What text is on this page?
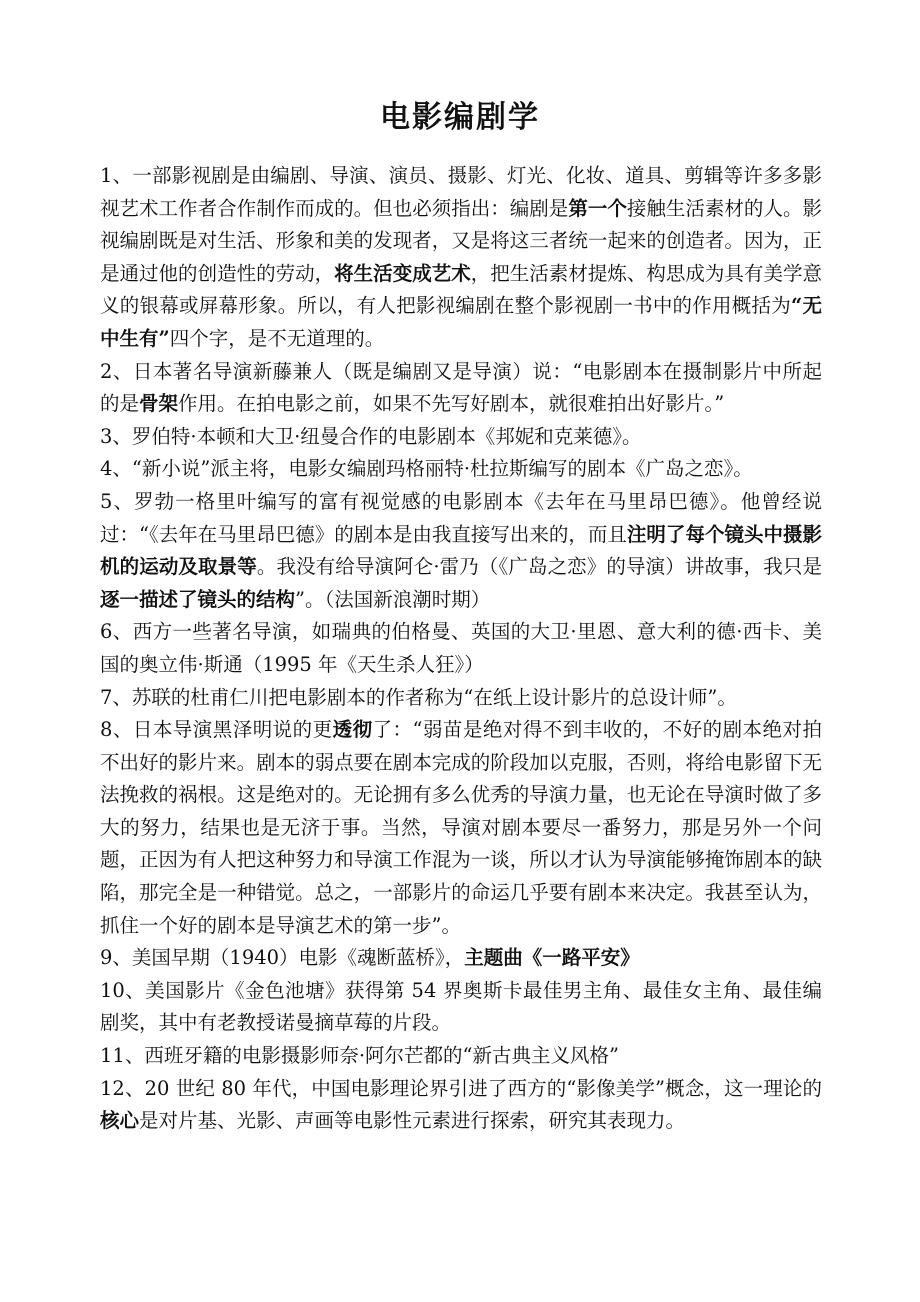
电影编剧学

1、一部影视剧是由编剧、导演、演员、摄影、灯光、化妆、道具、剪辑等许多多影视艺术工作者合作制作而成的。但也必须指出：编剧是第一个接触生活素材的人。影视编剧既是对生活、形象和美的发现者，又是将这三者统一起来的创造者。因为，正是通过他的创造性的劳动，将生活变成艺术，把生活素材提炼、构思成为具有美学意义的银幕或屏幕形象。所以，有人把影视编剧在整个影视剧一书中的作用概括为“无中生有”四个字，是不无道理的。

2、日本著名导演新藤兼人（既是编剧又是导演）说：“电影剧本在摄制影片中所起的是骨架作用。在拍电影之前，如果不先写好剧本，就很难拍出好影片。”

3、罗伯特·本顿和大卫·纽曼合作的电影剧本《邦妮和克莱德》。

4、“新小说”派主将，电影女编剧玛格丽特·杜拉斯编写的剧本《广岛之恋》。

5、罗勃一格里叶编写的富有视觉感的电影剧本《去年在马里昂巴德》。他曾经说过：“《去年在马里昂巴德》的剧本是由我直接写出来的，而且注明了每个镜头中摄影机的运动及取景等。我没有给导演阿仑·雷乃（《广岛之恋》的导演）讲故事，我只是逐一描述了镜头的结构”。（法国新浪潮时期）

6、西方一些著名导演，如瑞典的伯格曼、英国的大卫·里恩、意大利的德·西卡、美国的奥立伟·斯通（1995 年《天生杀人狂》）

7、苏联的杜甫仁川把电影剧本的作者称为“在纸上设计影片的总设计师”。

8、日本导演黑泽明说的更透彻了：“弱苗是绝对得不到丰收的，不好的剧本绝对拍不出好的影片来。剧本的弱点要在剧本完成的阶段加以克服，否则，将给电影留下无法挽救的祸根。这是绝对的。无论拥有多么优秀的导演力量，也无论在导演时做了多大的努力，结果也是无济于事。当然，导演对剧本要尽一番努力，那是另外一个问题，正因为有人把这种努力和导演工作混为一谈，所以才认为导演能够掩饰剧本的缺陷，那完全是一种错觉。总之，一部影片的命运几乎要有剧本来决定。我甚至认为，抓住一个好的剧本是导演艺术的第一步”。

9、美国早期（1940）电影《魂断蓝桥》，主题曲《一路平安》

10、美国影片《金色池塘》获得第 54 界奥斯卡最佳男主角、最佳女主角、最佳编剧奖，其中有老教授诺曼摘草莓的片段。

11、西班牙籍的电影摄影师奈·阿尔芒都的“新古典主义风格”

12、20 世纪 80 年代，中国电影理论界引进了西方的“影像美学”概念，这一理论的核心是对片基、光影、声画等电影性元素进行探索，研究其表现力。
